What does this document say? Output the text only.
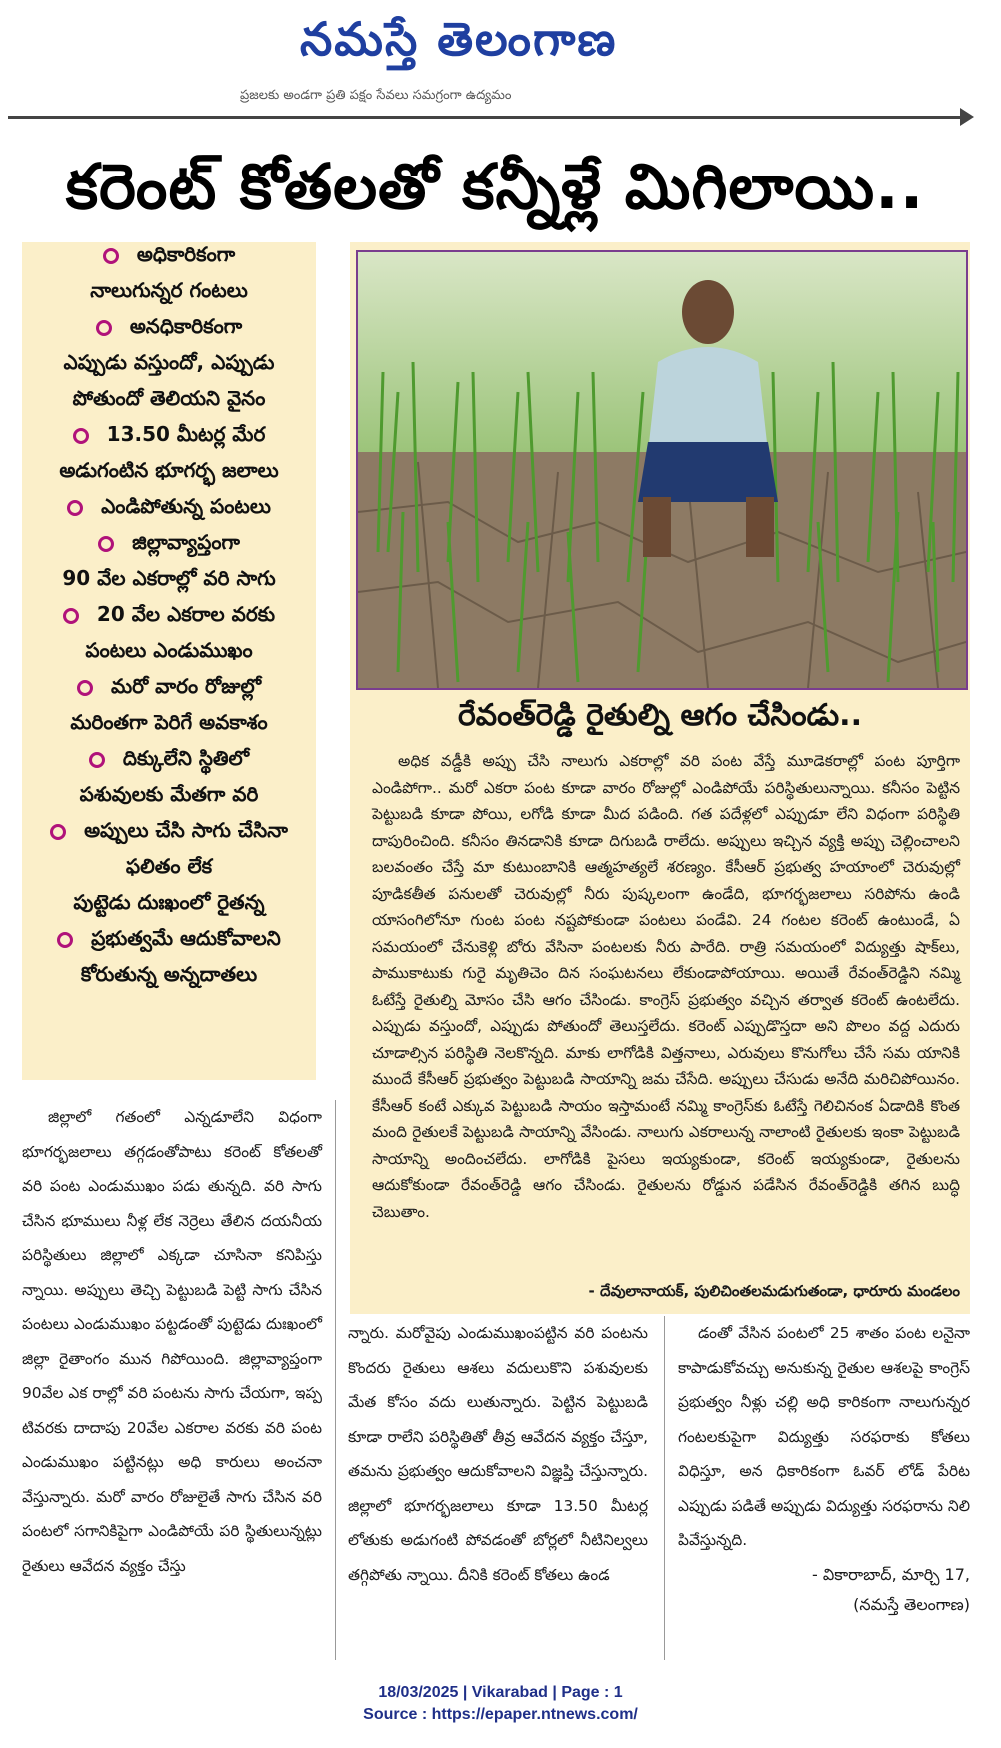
నమస్తే తెలంగాణ
ప్రజలకు అండగా ప్రతి పక్షం సేవలు సమగ్రంగా ఉద్యమం
కరెంట్ కోతలతో కన్నీళ్లే మిగిలాయి..
అధికారికంగా
నాలుగున్నర గంటలు
అనధికారికంగా
ఎప్పుడు వస్తుందో, ఎప్పుడు
పోతుందో తెలియని వైనం
13.50 మీటర్ల మేర
అడుగంటిన భూగర్భ జలాలు
ఎండిపోతున్న పంటలు
జిల్లావ్యాప్తంగా
90 వేల ఎకరాల్లో వరి సాగు
20 వేల ఎకరాల వరకు
పంటలు ఎండుముఖం
మరో వారం రోజుల్లో
మరింతగా పెరిగే అవకాశం
దిక్కులేని స్థితిలో
పశువులకు మేతగా వరి
అప్పులు చేసి సాగు చేసినా
ఫలితం లేక
పుట్టెడు దుఃఖంలో రైతన్న
ప్రభుత్వమే ఆదుకోవాలని
కోరుతున్న అన్నదాతలు
రేవంత్‌రెడ్డి రైతుల్ని ఆగం చేసిండు..
అధిక వడ్డీకి అప్పు చేసి నాలుగు ఎకరాల్లో వరి పంట వేస్తే మూడెకరాల్లో పంట పూర్తిగా ఎండిపోగా.. మరో ఎకరా పంట కూడా వారం రోజుల్లో ఎండిపోయే పరిస్థితులున్నాయి. కనీసం పెట్టిన పెట్టుబడి కూడా పోయి, లగోడి కూడా మీద పడింది. గత పదేళ్లలో ఎప్పుడూ లేని విధంగా పరిస్థితి దాపురించింది. కనీసం తినడానికి కూడా దిగుబడి రాలేదు. అప్పులు ఇచ్చిన వ్యక్తి అప్పు చెల్లించాలని బలవంతం చేస్తే మా కుటుంబానికి ఆత్మహత్యలే శరణ్యం. కేసీఆర్ ప్రభుత్వ హయాంలో చెరువుల్లో పూడికతీత పనులతో చెరువుల్లో నీరు పుష్కలంగా ఉండేది, భూగర్భజలాలు సరిపోను ఉండి యాసంగిలోనూ గుంట పంట నష్టపోకుండా పంటలు పండేవి. 24 గంటల కరెంట్ ఉంటుండే, ఏ సమయంలో చేనుకెళ్లి బోరు వేసినా పంటలకు నీరు పారేది. రాత్రి సమయంలో విద్యుత్తు షాక్‌లు, పాముకాటుకు గురై మృతిచెం దిన సంఘటనలు లేకుండాపోయాయి. అయితే రేవంత్‌రెడ్డిని నమ్మి ఓటేస్తే రైతుల్ని మోసం చేసి ఆగం చేసిండు. కాంగ్రెస్ ప్రభుత్వం వచ్చిన తర్వాత కరెంట్ ఉంటలేదు. ఎప్పుడు వస్తుందో, ఎప్పుడు పోతుందో తెలుస్తలేదు. కరెంట్ ఎప్పుడొస్తదా అని పొలం వద్ద ఎదురు చూడాల్సిన పరిస్థితి నెలకొన్నది. మాకు లాగోడికి విత్తనాలు, ఎరువులు కొనుగోలు చేసే సమ యానికి ముందే కేసీఆర్ ప్రభుత్వం పెట్టుబడి సాయాన్ని జమ చేసేది. అప్పులు చేసుడు అనేది మరిచిపోయినం. కేసీఆర్ కంటే ఎక్కువ పెట్టుబడి సాయం ఇస్తామంటే నమ్మి కాంగ్రెస్‌కు ఓటేస్తే గెలిచినంక ఏడాదికి కొంత మంది రైతులకే పెట్టుబడి సాయాన్ని వేసిండు. నాలుగు ఎకరాలున్న నాలాంటి రైతులకు ఇంకా పెట్టుబడి సాయాన్ని అందించలేదు. లాగోడికి పైసలు ఇయ్యకుండా, కరెంట్ ఇయ్యకుండా, రైతులను ఆదుకోకుండా రేవంత్‌రెడ్డి ఆగం చేసిండు. రైతులను రోడ్డున పడేసిన రేవంత్‌రెడ్డికి తగిన బుద్ధి చెబుతాం.
- దేవులానాయక్, పులిచింతలమడుగుతండా, ధారూరు మండలం
జిల్లాలో గతంలో ఎన్నడూలేని విధంగా భూగర్భజలాలు తగ్గడంతోపాటు కరెంట్ కోతలతో వరి పంట ఎండుముఖం పడు తున్నది. వరి సాగు చేసిన భూములు నీళ్ల లేక నెర్రెలు తేలిన దయనీయ పరిస్థితులు జిల్లాలో ఎక్కడా చూసినా కనిపిస్తు న్నాయి. అప్పులు తెచ్చి పెట్టుబడి పెట్టి సాగు చేసిన పంటలు ఎండుముఖం పట్టడంతో పుట్టెడు దుఃఖంలో జిల్లా రైతాంగం మున గిపోయింది. జిల్లావ్యాప్తంగా 90వేల ఎక రాల్లో వరి పంటను సాగు చేయగా, ఇప్ప టివరకు దాదాపు 20వేల ఎకరాల వరకు వరి పంట ఎండుముఖం పట్టినట్లు అధి కారులు అంచనా వేస్తున్నారు. మరో వారం రోజులైతే సాగు చేసిన వరి పంటలో సగానికిపైగా ఎండిపోయే పరి స్థితులున్నట్లు రైతులు ఆవేదన వ్యక్తం చేస్తు
న్నారు. మరోవైపు ఎండుముఖంపట్టిన వరి పంటను కొందరు రైతులు ఆశలు వదులుకొని పశువులకు మేత కోసం వదు లుతున్నారు. పెట్టిన పెట్టుబడి కూడా రాలేని పరిస్థితితో తీవ్ర ఆవేదన వ్యక్తం చేస్తూ, తమను ప్రభుత్వం ఆదుకోవాలని విజ్ఞప్తి చేస్తున్నారు. జిల్లాలో భూగర్భజలాలు కూడా 13.50 మీటర్ల లోతుకు అడుగంటి పోవడంతో బోర్లలో నీటినిల్వలు తగ్గిపోతు న్నాయి. దీనికి కరెంట్ కోతలు ఉండ
డంతో వేసిన పంటలో 25 శాతం పంట లనైనా కాపాడుకోవచ్చు అనుకున్న రైతుల ఆశలపై కాంగ్రెస్ ప్రభుత్వం నీళ్లు చల్లి అధి కారికంగా నాలుగున్నర గంటలకుపైగా విద్యుత్తు సరఫరాకు కోతలు విధిస్తూ, అన ధికారికంగా ఓవర్ లోడ్ పేరిట ఎప్పుడు పడితే అప్పుడు విద్యుత్తు సరఫరాను నిలి పివేస్తున్నది.
- వికారాబాద్, మార్చి 17,
(నమస్తే తెలంగాణ)
18/03/2025 | Vikarabad | Page : 1
Source : https://epaper.ntnews.com/
